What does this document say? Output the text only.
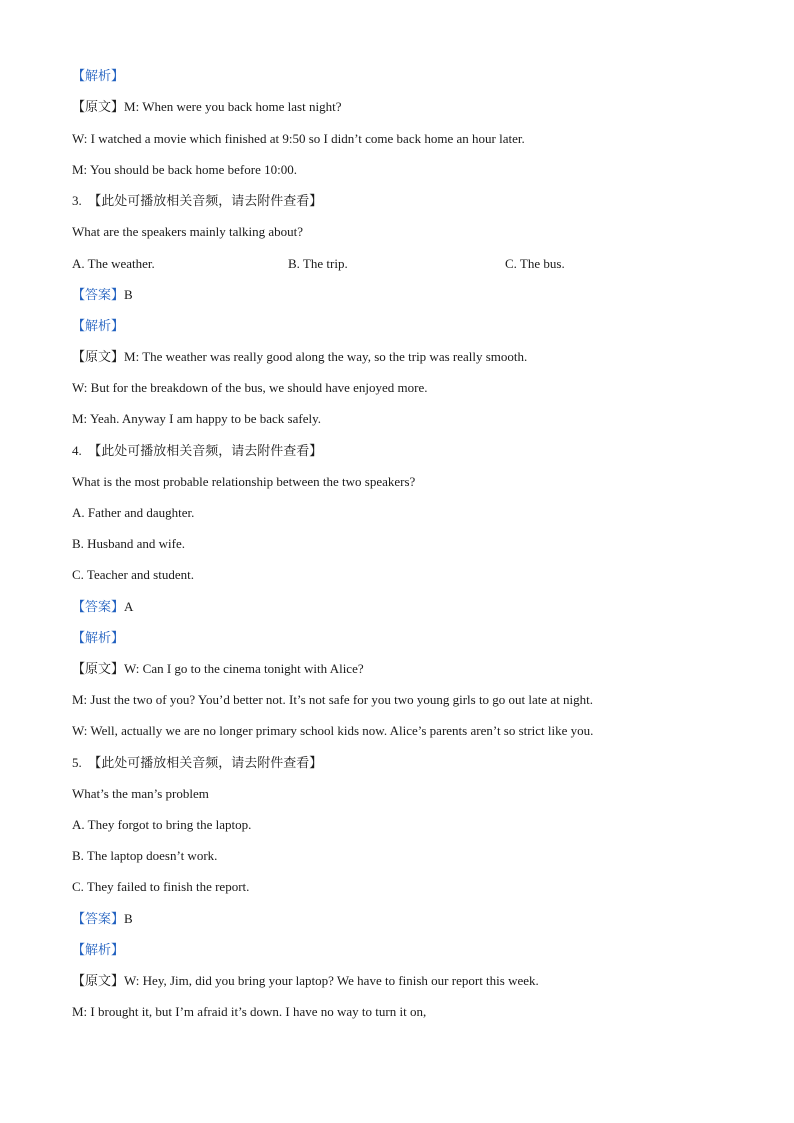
【解析】
【原文】M: When were you back home last night?
W: I watched a movie which finished at 9:50 so I didn’t come back home an hour later.
M: You should be back home before 10:00.
3. 【此处可播放相关音频，请去附件查看】
What are the speakers mainly talking about?
A. The weather.	B. The trip.	C. The bus.
【答案】B
【解析】
【原文】M: The weather was really good along the way, so the trip was really smooth.
W: But for the breakdown of the bus, we should have enjoyed more.
M: Yeah. Anyway I am happy to be back safely.
4. 【此处可播放相关音频，请去附件查看】
What is the most probable relationship between the two speakers?
A. Father and daughter.
B. Husband and wife.
C. Teacher and student.
【答案】A
【解析】
【原文】W: Can I go to the cinema tonight with Alice?
M: Just the two of you? You’d better not. It’s not safe for you two young girls to go out late at night.
W: Well, actually we are no longer primary school kids now. Alice’s parents aren’t so strict like you.
5. 【此处可播放相关音频，请去附件查看】
What’s the man’s problem
A. They forgot to bring the laptop.
B. The laptop doesn’t work.
C. They failed to finish the report.
【答案】B
【解析】
【原文】W: Hey, Jim, did you bring your laptop? We have to finish our report this week.
M: I brought it, but I’m afraid it’s down. I have no way to turn it on,
